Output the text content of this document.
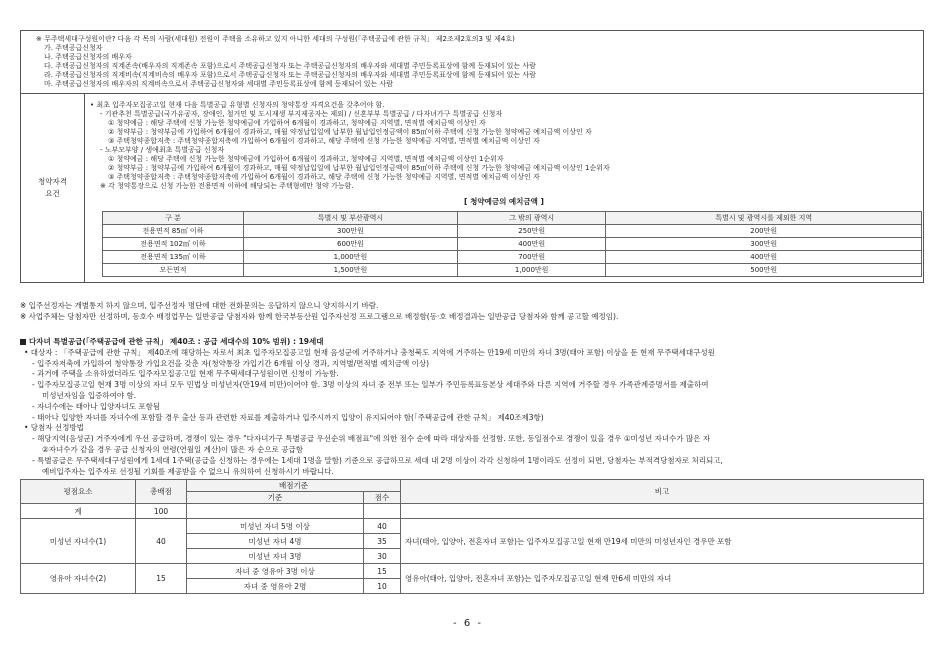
※ 무주택세대구성원이란? 다음 각 목의 사람(세대원) 전원이 주택을 소유하고 있지 아니한 세대의 구성원(「주택공급에 관한 규칙」 제2조제2호의3 및 제4호)
가. 주택공급신청자
나. 주택공급신청자의 배우자
다. 주택공급신청자의 직계존속(배우자의 직계존속 포함)으로서 주택공급신청자 또는 주택공급신청자의 배우자와 세대별 주민등록표상에 함께 등재되어 있는 사람
라. 주택공급신청자의 직계비속(직계비속의 배우자 포함)으로서 주택공급신청자 또는 주택공급신청자의 배우자와 세대별 주민등록표상에 함께 등재되어 있는 사람
마. 주택공급신청자의 배우자의 직계비속으로서 주택공급신청자와 세대별 주민등록표상에 함께 등재되어 있는 사람

청약자격
요건

• 최초 입주자모집공고일 현재 다음 특별공급 유형별 신청자의 청약통장 자격요건을 갖추어야 함.
- 기관추천 특별공급(국가유공자, 장애인, 철거민 및 도시재생 부지제공자는 제외) / 신혼부부 특별공급 / 다자녀가구 특별공급 신청자
① 청약예금 : 해당 주택에 신청 가능한 청약예금에 가입하여 6개월이 경과하고, 청약예금 지역별, 면적별 예치금액 이상인 자
② 청약부금 : 청약부금에 가입하여 6개월이 경과하고, 매월 약정납입일에 납부한 월납입인정금액이 85㎡이하 주택에 신청 가능한 청약예금 예치금액 이상인 자
③ 주택청약종합저축 : 주택청약종합저축에 가입하여 6개월이 경과하고, 해당 주택에 신청 가능한 청약예금 지역별, 면적별 예치금액 이상인 자
- 노부모부양 / 생애최초 특별공급 신청자
① 청약예금 : 해당 주택에 신청 가능한 청약예금에 가입하여 6개월이 경과하고, 청약예금 지역별, 면적별 예치금액 이상인 1순위자
② 청약부금 : 청약부금에 가입하여 6개월이 경과하고, 매월 약정납입일에 납부한 월납입인정금액이 85㎡이하 주택에 신청 가능한 청약예금 예치금액 이상인 1순위자
③ 주택청약종합저축 : 주택청약종합저축에 가입하여 6개월이 경과하고, 해당 주택에 신청 가능한 청약예금 지역별, 면적별 예치금액 이상인 자
※ 각 청약통장으로 신청 가능한 전용면적 이하에 해당되는 주택형에만 청약 가능함.
[ 청약예금의 예치금액 ]
구 분	특별시 및 부산광역시	그 밖의 광역시	특별시 및 광역시를 제외한 지역
전용면적 85㎡ 이하	300만원	250만원	200만원
전용면적 102㎡ 이하	600만원	400만원	300만원
전용면적 135㎡ 이하	1,000만원	700만원	400만원
모든면적	1,500만원	1,000만원	500만원
※ 입주선정자는 개별통지 하지 않으며, 입주선정자 명단에 대한 전화문의는 응답하지 않으니 양지하시기 바람.
※ 사업주체는 당첨자만 선정하며, 동호수 배정업무는 일반공급 당첨자와 함께 한국부동산원 입주자선정 프로그램으로 배정함(동·호 배정결과는 일반공급 당첨자와 함께 공고할 예정임).
다자녀 특별공급(「주택공급에 관한 규칙」 제40조 : 공급 세대수의 10% 범위) : 19세대
• 대상자 : 「주택공급에 관한 규칙」 제40조에 해당하는 자로서 최초 입주자모집공고일 현재 음성군에 거주하거나 충청북도 지역에 거주하는 만19세 미만의 자녀 3명(태아 포함) 이상을 둔 현재 무주택세대구성원
- 입주자저축에 가입하여 청약통장 가입요건을 갖춘 자(청약통장 가입기간 6개월 이상 경과, 지역별/면적별 예치금액 이상)
- 과거에 주택을 소유하였더라도 입주자모집공고일 현재 무주택세대구성원이면 신청이 가능함.
- 입주자모집공고일 현재 3명 이상의 자녀 모두 민법상 미성년자(만19세 미만)이어야 함. 3명 이상의 자녀 중 전부 또는 일부가 주민등록표등본상 세대주와 다른 지역에 거주할 경우 가족관계증명서를 제출하여
미성년자임을 입증하여야 함.
- 자녀수에는 태아나 입양자녀도 포함됨
- 태아나 입양한 자녀를 자녀수에 포함할 경우 출산 등과 관련한 자료를 제출하거나 입주시까지 입양이 유지되어야 함(「주택공급에 관한 규칙」 제40조제3항)
• 당첨자 선정방법
- 해당지역(음성군) 거주자에게 우선 공급하며, 경쟁이 있는 경우 "다자녀가구 특별공급 우선순위 배점표"에 의한 점수 순에 따라 대상자를 선정함. 또한, 동일점수로 경쟁이 있을 경우 ①미성년 자녀수가 많은 자
②자녀수가 같을 경우 공급 신청자의 연령(연월일 계산)이 많은 자 순으로 공급함
- 특별공급은 무주택세대구성원에게 1세대 1주택(공급을 신청하는 경우에는 1세대 1명을 말함) 기준으로 공급하므로 세대 내 2명 이상이 각각 신청하여 1명이라도 선정이 되면, 당첨자는 부적격당첨자로 처리되고,
예비입주자는 입주자로 선정될 기회를 제공받을 수 없으니 유의하여 신청하시기 바랍니다.
평점요소	총배점	배점기준		비고
		기준	점수	
계	100			
미성년 자녀수(1)	40	미성년 자녀 5명 이상	40	자녀(태아, 입양아, 전혼자녀 포함)는 입주자모집공고일 현재 만19세 미만의 미성년자인 경우만 포함
		미성년 자녀 4명	35	
		미성년 자녀 3명	30	
영유아 자녀수(2)	15	자녀 중 영유아 3명 이상	15	영유아(태아, 입양아, 전혼자녀 포함)는 입주자모집공고일 현재 만6세 미만의 자녀
		자녀 중 영유아 2명	10	
- 6 -
